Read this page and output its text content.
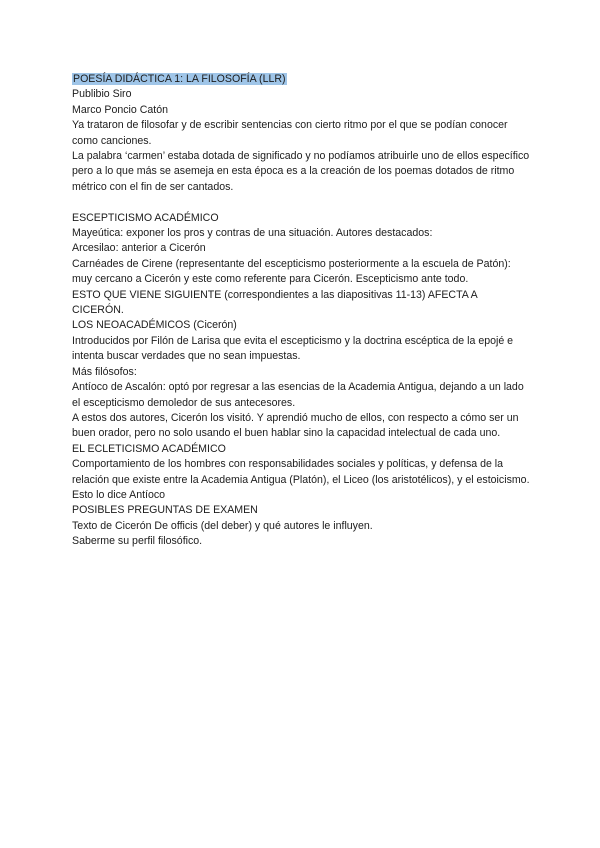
POESÍA DIDÁCTICA 1: LA FILOSOFÍA (LLR)
Publibio Siro
Marco Poncio Catón
Ya trataron de filosofar y de escribir sentencias con cierto ritmo por el que se podían conocer como canciones.
La palabra ‘carmen’ estaba dotada de significado y no podíamos atribuirle uno de ellos específico pero a lo que más se asemeja en esta época es a la creación de los poemas dotados de ritmo métrico con el fin de ser cantados.
ESCEPTICISMO ACADÉMICO
Mayeútica: exponer los pros y contras de una situación. Autores destacados:
Arcesilao: anterior a Cicerón
Carnéades de Cirene (representante del escepticismo posteriormente a la escuela de Patón): muy cercano a Cicerón y este como referente para Cicerón. Escepticismo ante todo.
ESTO QUE VIENE SIGUIENTE (correspondientes a las diapositivas 11-13) AFECTA A CICERÓN.
LOS NEOACADÉMICOS (Cicerón)
Introducidos por Filón de Larisa que evita el escepticismo y la doctrina escéptica de la epojé e intenta buscar verdades que no sean impuestas.
Más filósofos:
Antíoco de Ascalón: optó por regresar a las esencias de la Academia Antigua, dejando a un lado el escepticismo demoledor de sus antecesores.
A estos dos autores, Cicerón los visitó. Y aprendió mucho de ellos, con respecto a cómo ser un buen orador, pero no solo usando el buen hablar sino la capacidad intelectual de cada uno.
EL ECLETICISMO ACADÉMICO
Comportamiento de los hombres con responsabilidades sociales y políticas, y defensa de la relación que existe entre la Academia Antigua (Platón), el Liceo (los aristotélicos), y el estoicismo. Esto lo dice Antíoco
POSIBLES PREGUNTAS DE EXAMEN
Texto de Cicerón De officis (del deber) y qué autores le influyen.
Saberme su perfil filosófico.
